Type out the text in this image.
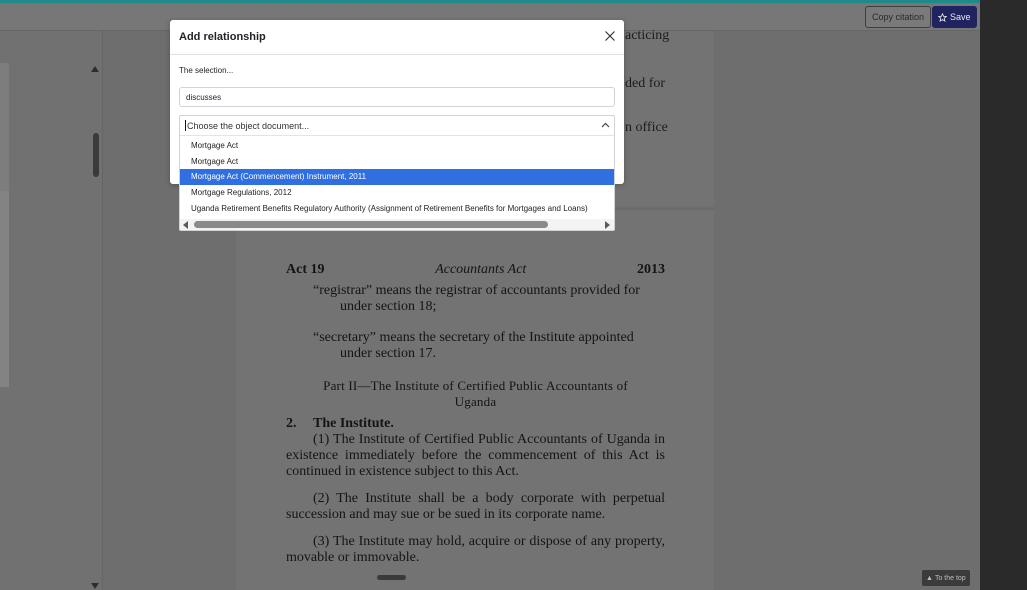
acticing
ded for
n office
Act 19	Accountants Act	2013

“registrar” means the registrar of accountants provided for under section 18;

“secretary” means the secretary of the Institute appointed under section 17.

Part II—The Institute of Certified Public Accountants of
Uganda

2. The Institute.

(1) The Institute of Certified Public Accountants of Uganda in existence immediately before the commencement of this Act is continued in existence subject to this Act.

(2) The Institute shall be a body corporate with perpetual succession and may sue or be sued in its corporate name.

(3) The Institute may hold, acquire or dispose of any property, movable or immovable.

Copy citation	Save
▲ To the top
Add relationship
The selection...
discusses
Choose the object document...
Mortgage Act
Mortgage Act
Mortgage Act (Commencement) Instrument, 2011
Mortgage Regulations, 2012
Uganda Retirement Benefits Regulatory Authority (Assignment of Retirement Benefits for Mortgages and Loans)
